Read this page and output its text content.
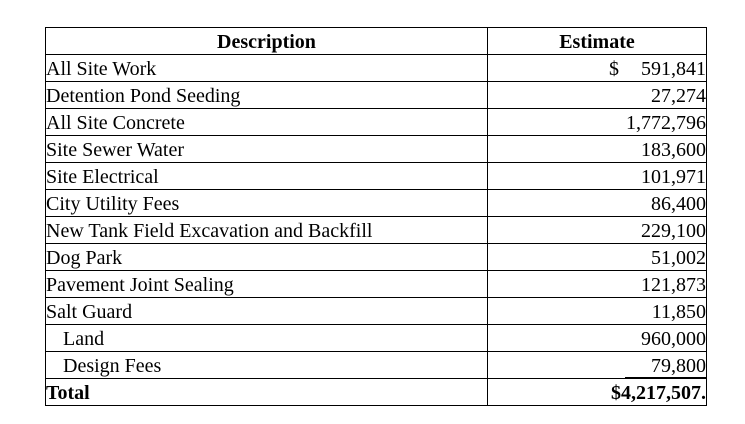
Description	Estimate
All Site Work	$ 591,841

Detention Pond Seeding	27,274
All Site Concrete	1,772,796
Site Sewer Water	183,600
Site Electrical	101,971
City Utility Fees	86,400
New Tank Field Excavation and Backfill	229,100
Dog Park	51,002
Pavement Joint Sealing	121,873
Salt Guard	11,850
Land	960,000
Design Fees	79,800
Total	$4,217,507.
